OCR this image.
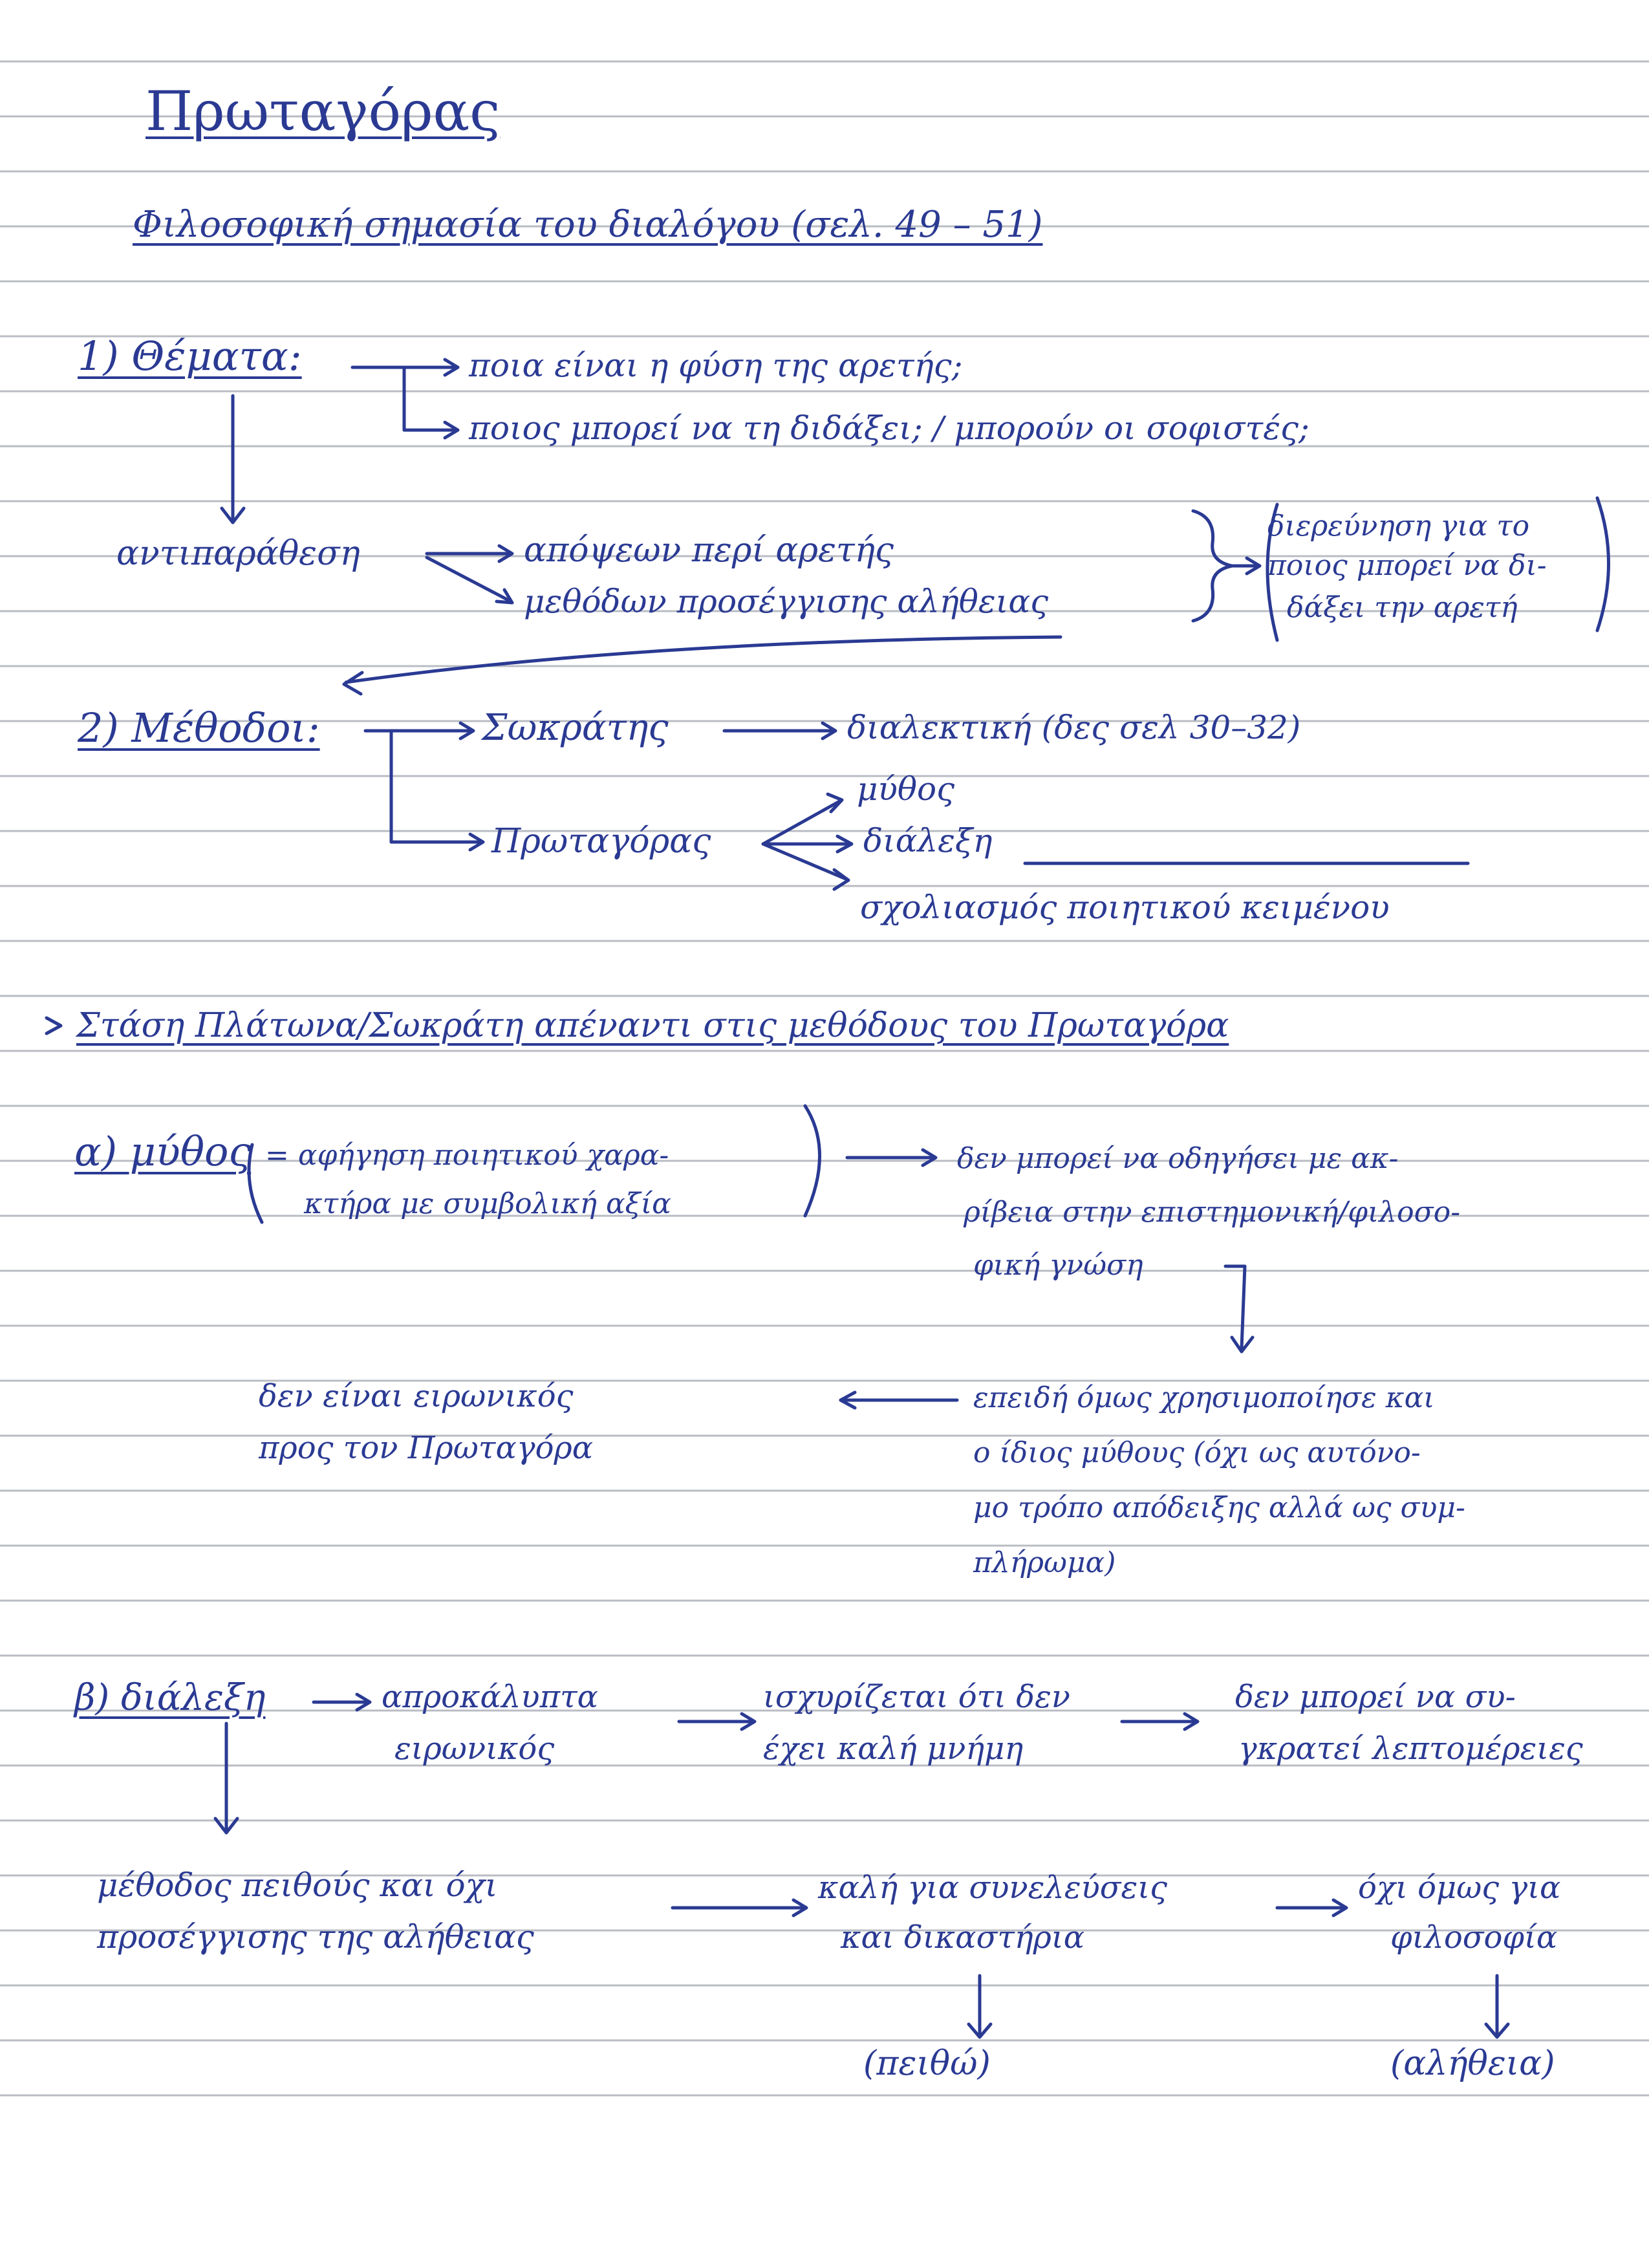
Πρωταγόρας
Φιλοσοφική σημασία του διαλόγου (σελ. 49 – 51)
1) Θέματα:	ποια είναι η φύση της αρετής;
ποιος μπορεί να τη διδάξει; / μπορούν οι σοφιστές;
αντιπαράθεση	απόψεων περί αρετής
μεθόδων προσέγγισης αλήθειας
διερεύνηση για το
ποιος μπορεί να δι-
δάξει την αρετή
2) Μέθοδοι:	Σωκράτης	διαλεκτική (δες σελ 30–32)
Πρωταγόρας
μύθος
διάλεξη
σχολιασμός ποιητικού κειμένου
Στάση Πλάτωνα/Σωκράτη απέναντι στις μεθόδους του Πρωταγόρα
α) μύθος = αφήγηση ποιητικού χαρα-
κτήρα με συμβολική αξία
δεν μπορεί να οδηγήσει με ακ-
ρίβεια στην επιστημονική/φιλοσο-
φική γνώση
επειδή όμως χρησιμοποίησε και
ο ίδιος μύθους (όχι ως αυτόνο-
μο τρόπο απόδειξης αλλά ως συμ-
πλήρωμα)
δεν είναι ειρωνικός
προς τον Πρωταγόρα
β) διάλεξη	απροκάλυπτα
ειρωνικός
ισχυρίζεται ότι δεν
έχει καλή μνήμη
δεν μπορεί να συ-
γκρατεί λεπτομέρειες
μέθοδος πειθούς και όχι
προσέγγισης της αλήθειας
καλή για συνελεύσεις
και δικαστήρια
όχι όμως για
φιλοσοφία
(πειθώ)	(αλήθεια)
